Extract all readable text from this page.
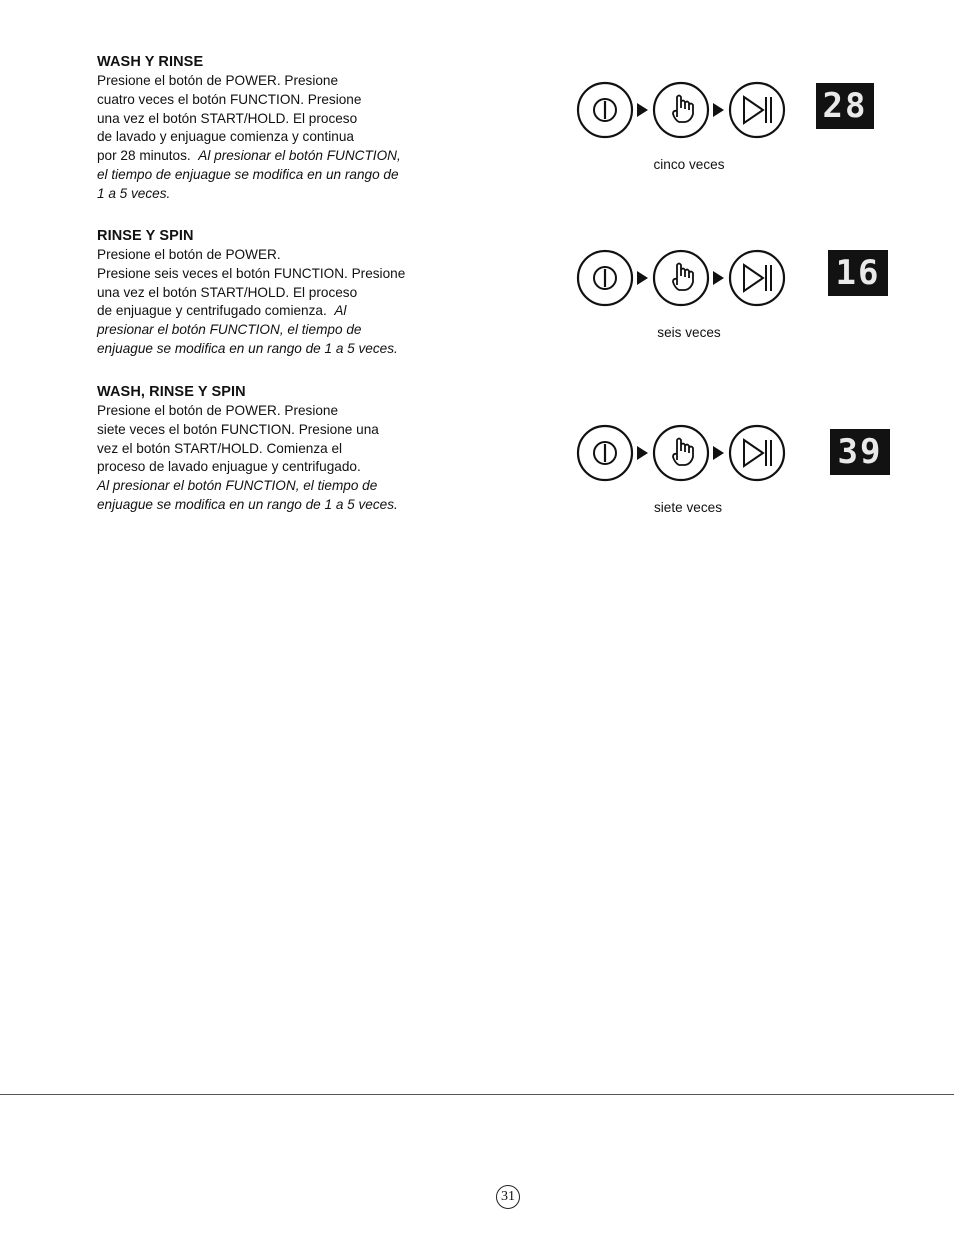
WASH Y RINSE

Presione el botón de POWER. Presione

cuatro veces el botón FUNCTION. Presione

una vez el botón START/HOLD. El proceso

de lavado y enjuague comienza y continua

por 28 minutos. Al presionar el botón FUNCTION,

el tiempo de enjuague se modifica en un rango de

1 a 5 veces.

28
cinco veces
RINSE Y SPIN

Presione el botón de POWER.

Presione seis veces el botón FUNCTION. Presione

una vez el botón START/HOLD. El proceso

de enjuague y centrifugado comienza. Al

presionar el botón FUNCTION, el tiempo de

enjuague se modifica en un rango de 1 a 5 veces.

16
seis veces
WASH, RINSE Y SPIN

Presione el botón de POWER. Presione

siete veces el botón FUNCTION. Presione una

vez el botón START/HOLD. Comienza el

proceso de lavado enjuague y centrifugado.

Al presionar el botón FUNCTION, el tiempo de

enjuague se modifica en un rango de 1 a 5 veces.

39
siete veces
31
